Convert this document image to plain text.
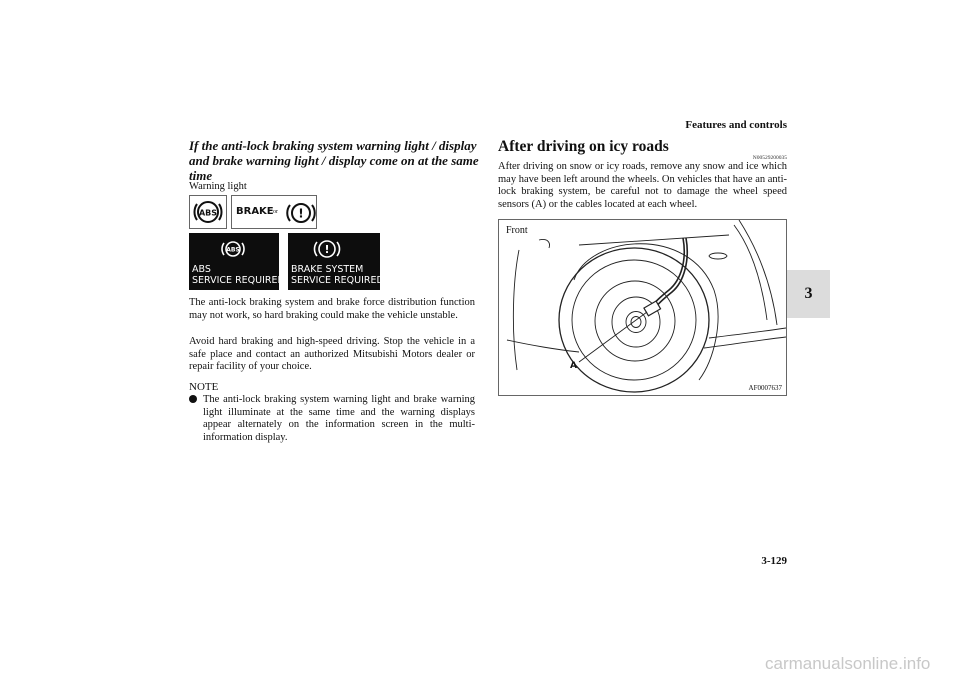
Features and controls
3-129
3
If the anti-lock braking system warning light / display and brake warning light / display come on at the same time
Warning light
ABS BRAKE or !
ABS
ABS
SERVICE REQUIRED
!
BRAKE SYSTEM
SERVICE REQUIRED
The anti-lock braking system and brake force distribution function may not work, so hard braking could make the vehicle unstable.
Avoid hard braking and high-speed driving. Stop the vehicle in a safe place and contact an authorized Mitsubishi Motors dealer or repair facility of your choice.
NOTE
The anti-lock braking system warning light and brake warning light illuminate at the same time and the warning displays appear alternately on the information screen in the multi-information display.
After driving on icy roads
N00529200035
After driving on snow or icy roads, remove any snow and ice which may have been left around the wheels. On vehicles that have an anti-lock braking system, be careful not to damage the wheel speed sensors (A) or the cables located at each wheel.
Front
A
AF0007637
carmanualsonline.info
